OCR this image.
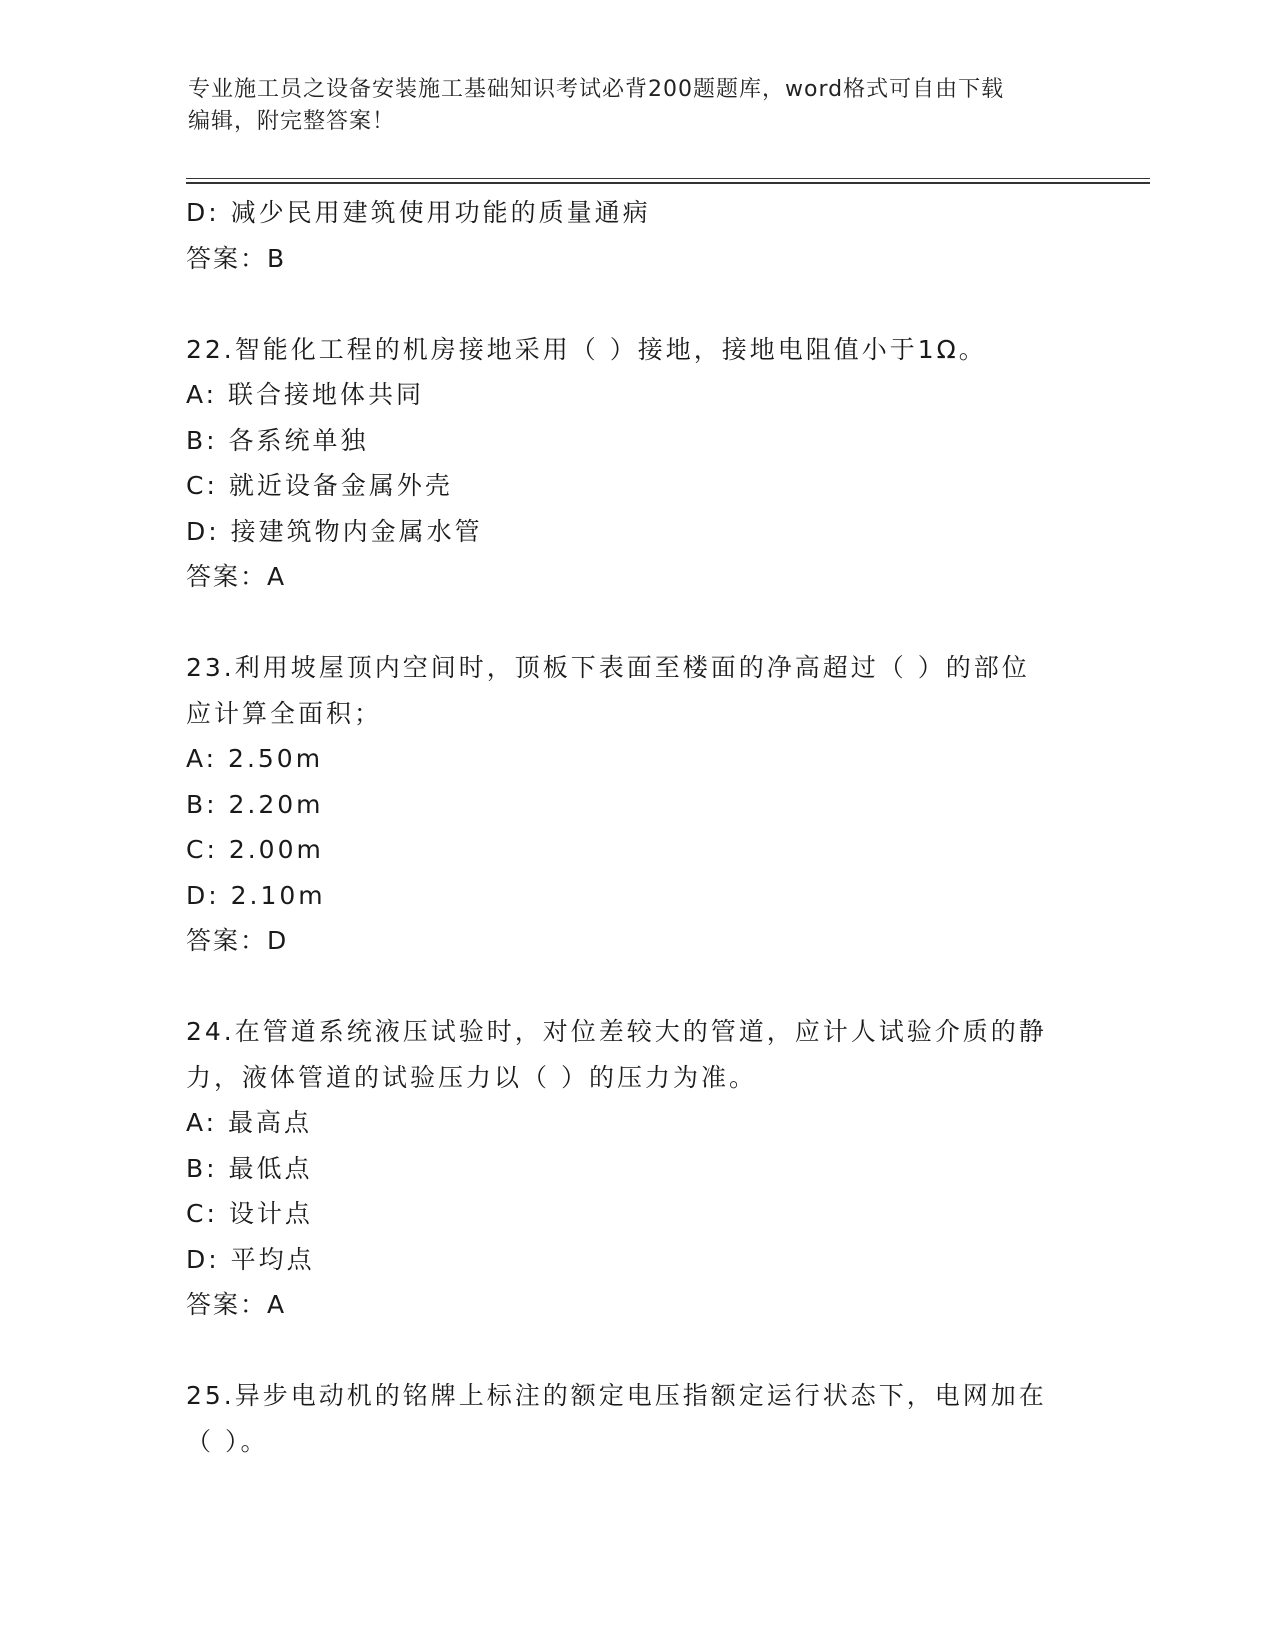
专业施工员之设备安装施工基础知识考试必背200题题库，word格式可自由下载
编辑，附完整答案！
D: 减少民用建筑使用功能的质量通病
答案：B
22.智能化工程的机房接地采用（ ）接地，接地电阻值小于1Ω。
A: 联合接地体共同
B: 各系统单独
C: 就近设备金属外壳
D: 接建筑物内金属水管
答案：A
23.利用坡屋顶内空间时，顶板下表面至楼面的净高超过（ ）的部位
应计算全面积；
A: 2.50m
B: 2.20m
C: 2.00m
D: 2.10m
答案：D
24.在管道系统液压试验时，对位差较大的管道，应计人试验介质的静
力，液体管道的试验压力以（ ）的压力为准。
A: 最高点
B: 最低点
C: 设计点
D: 平均点
答案：A
25.异步电动机的铭牌上标注的额定电压指额定运行状态下，电网加在
（ ）。
